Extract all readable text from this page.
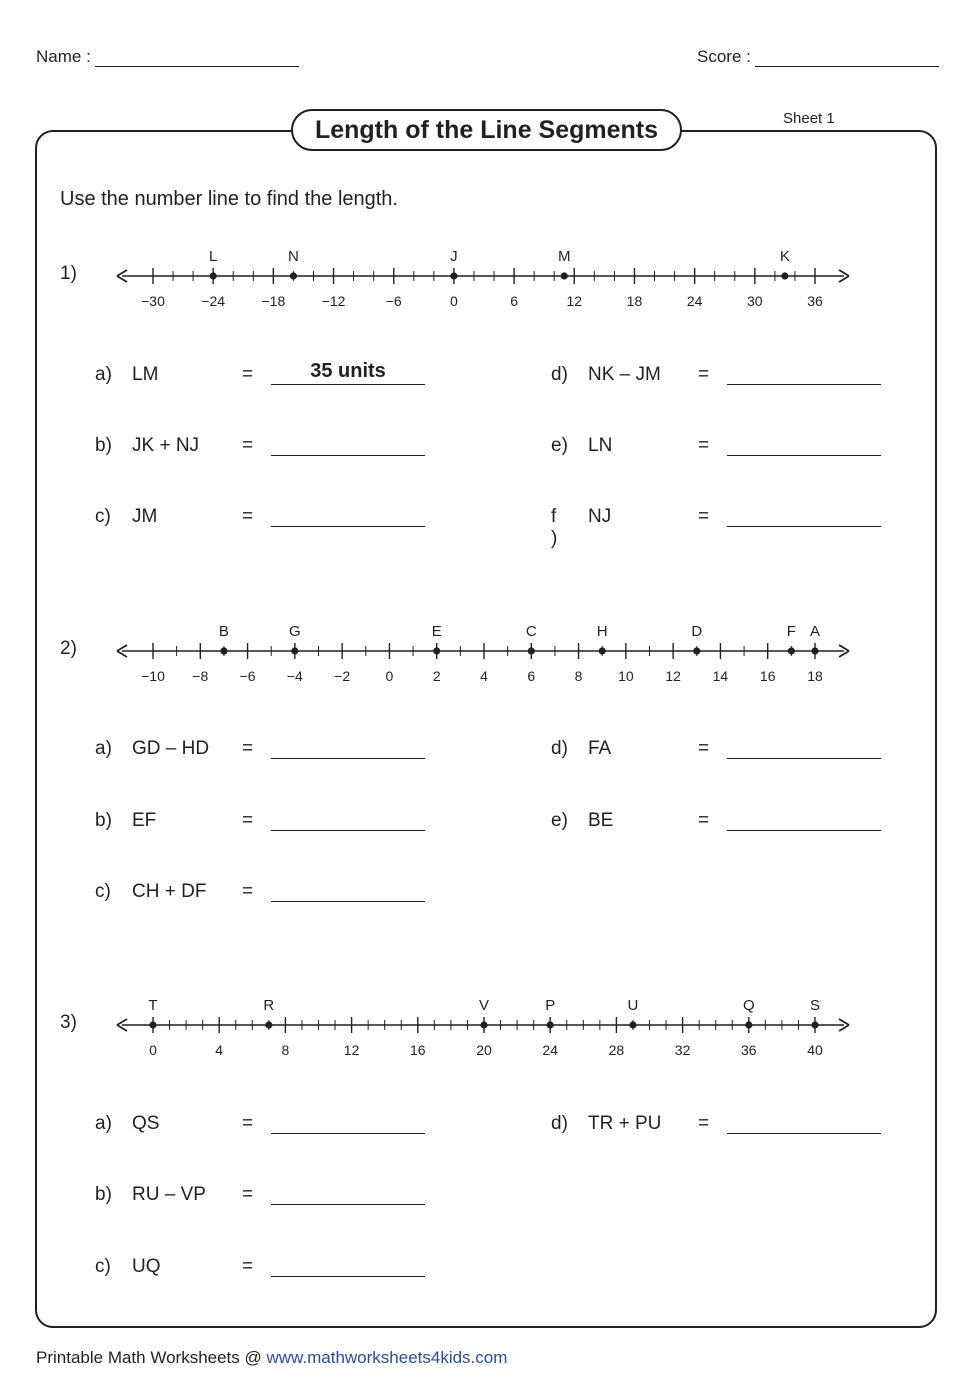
Name :	Score :
Length of the Line Segments	Sheet 1
Use the number line to find the length.
1)
−30	−24	−18	−12	−6	0	6	12	18	24	30	36
L	N	J	M	K
a) LM	=	35 units
b) JK + NJ =
c) JM	=
d) NK – JM =
e) LN	=
f )
NJ	=
2)
−10 −8 −6 −4 −2	0	2	4	6	8	10 12 14 16 18
B	G	E	C	H	D	F A
a) GD – HD =
b) EF	=
c) CH + DF =
d) FA	=
e) BE	=
3)
0	4	8	12	16	20	24	28	32	36	40
T	R	V	P	U	Q	S
a) QS	=
b) RU – VP =
c) UQ	=
d) TR + PU =
Printable Math Worksheets @ www.mathworksheets4kids.com
